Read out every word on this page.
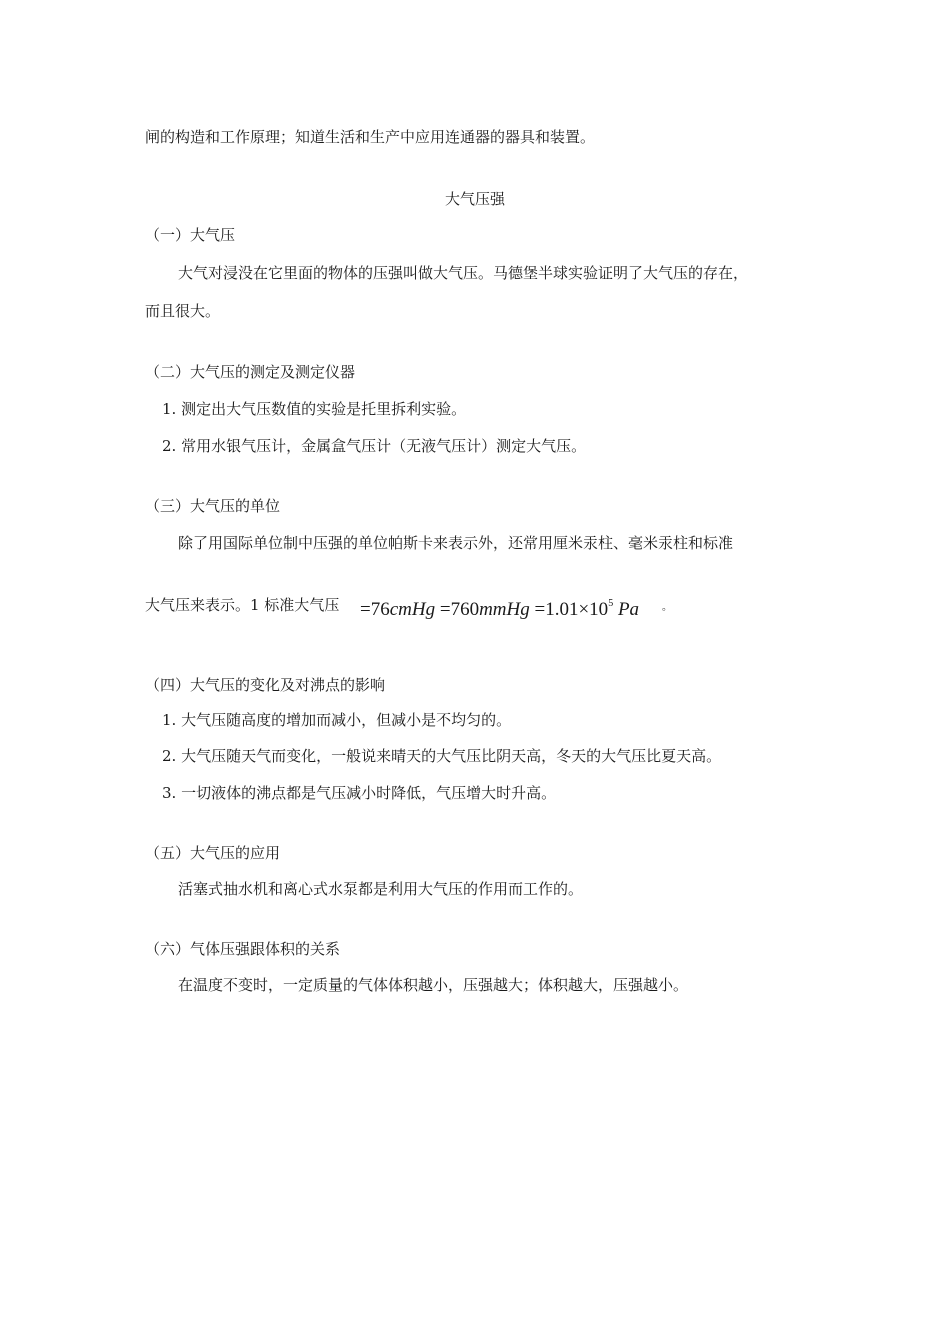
闸的构造和工作原理；知道生活和生产中应用连通器的器具和装置。
大气压强
（一）大气压
大气对浸没在它里面的物体的压强叫做大气压。马德堡半球实验证明了大气压的存在，
而且很大。
（二）大气压的测定及测定仪器
1. 测定出大气压数值的实验是托里拆利实验。
2. 常用水银气压计，金属盒气压计（无液气压计）测定大气压。
（三）大气压的单位
除了用国际单位制中压强的单位帕斯卡来表示外，还常用厘米汞柱、毫米汞柱和标准
大气压来表示。1 标准大气压 =76cmHg =760mmHg $=1.01\times 10^5$ Pa 。
（四）大气压的变化及对沸点的影响
1. 大气压随高度的增加而减小，但减小是不均匀的。
2. 大气压随天气而变化，一般说来晴天的大气压比阴天高，冬天的大气压比夏天高。
3. 一切液体的沸点都是气压减小时降低，气压增大时升高。
（五）大气压的应用
活塞式抽水机和离心式水泵都是利用大气压的作用而工作的。
（六）气体压强跟体积的关系
在温度不变时，一定质量的气体体积越小，压强越大；体积越大，压强越小。
